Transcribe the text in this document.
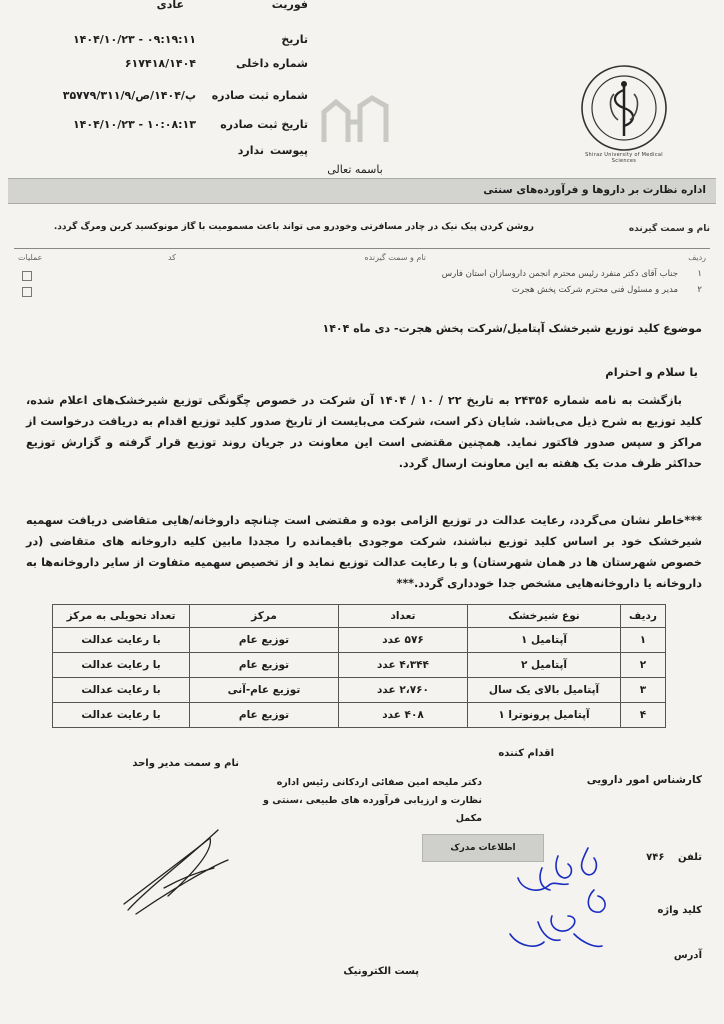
فوریت
عادی
تاریخ
۱۴۰۴/۱۰/۲۳ - ۰۹:۱۹:۱۱
شماره داخلی
۶۱۷۴۱۸/۱۴۰۴
شماره ثبت صادره
۳۵۷۷۹/۳۱۱/۹/پ/۱۴۰۴/ص
تاریخ ثبت صادره
۱۴۰۴/۱۰/۲۳ - ۱۰:۰۸:۱۳
پیوست
ندارد	Shiraz University of Medical Sciences
باسمه تعالی
اداره نظارت بر داروها و فرآورده‌های سنتی
نام و سمت گیرنده
روشن کردن پیک نیک در چادر مسافرتی وخودرو می تواند باعث مسمومیت با گاز مونوکسید کربن ومرگ گردد.
ردیف
نام و سمت گیرنده
کد
عملیات
۱
جناب آقای دکتر منفرد رئیس محترم انجمن داروسازان استان فارس
۲
مدیر و مسئول فنی محترم شرکت پخش هجرت
موضوع کلید توزیع شیرخشک آپتامیل/شرکت پخش هجرت- دی ماه ۱۴۰۴
با سلام و احترام
بازگشت به نامه شماره ۲۴۳۵۶ به تاریخ ۲۲ / ۱۰ / ۱۴۰۴ آن شرکت در خصوص چگونگی توزیع شیرخشک‌های اعلام شده، کلید توزیع به شرح ذیل می‌باشد. شایان ذکر است، شرکت می‌بایست از تاریخ صدور کلید توزیع اقدام به دریافت درخواست از مراکز و سپس صدور فاکتور نماید. همچنین مقتضی است این معاونت در جریان روند توزیع قرار گرفته و گزارش توزیع حداکثر ظرف مدت یک هفته به این معاونت ارسال گردد.
***خاطر نشان می‌گردد، رعایت عدالت در توزیع الزامی بوده و مقتضی است چنانچه داروخانه/هایی متقاضی دریافت سهمیه شیرخشک خود بر اساس کلید توزیع نباشند، شرکت موجودی باقیمانده را مجددا مابین کلیه داروخانه های متقاضی (در خصوص شهرستان ها در همان شهرستان) و با رعایت عدالت توزیع نماید و از تخصیص سهمیه متفاوت از سایر داروخانه‌ها به داروخانه یا داروخانه‌هایی مشخص جدا خودداری گردد.***
ردیف	نوع شیرخشک	تعداد	مرکز	تعداد تحویلی به مرکز
۱	آپتامیل ۱	۵۷۶ عدد	توزیع عام	با رعایت عدالت
۲	آپتامیل ۲	۴،۳۴۴ عدد	توزیع عام	با رعایت عدالت
۳	آپتامیل بالای یک سال	۲،۷۶۰ عدد	توزیع عام-آنی	با رعایت عدالت
۴	آپتامیل پرونوترا ۱	۴۰۸ عدد	توزیع عام	با رعایت عدالت
اقدام کننده
نام و سمت مدیر واحد
کارشناس امور دارویی
دکتر ملیحه امین صفائی اردکانی رئیس اداره نظارت و ارزیابی فرآورده های طبیعی ،سنتی و مکمل
اطلاعات مدرک
تلفن ۷۴۶
کلید واژه
آدرس
پست الکترونیک
